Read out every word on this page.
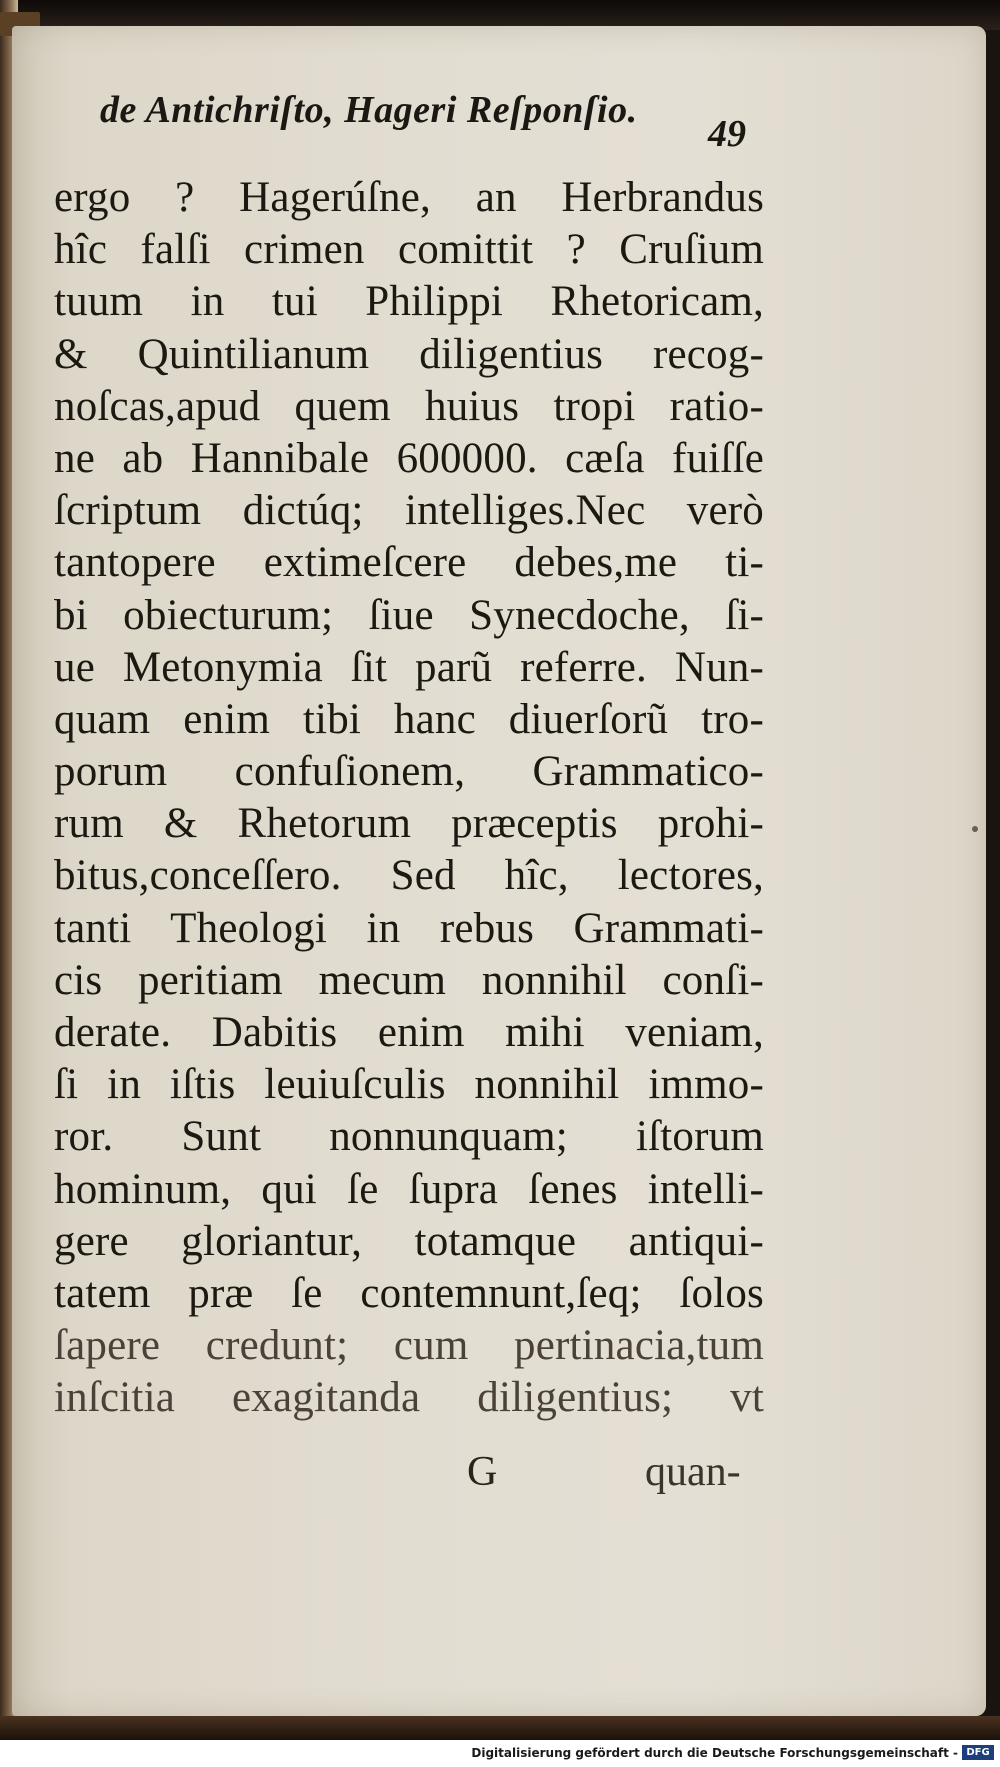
de Antichriſto, Hageri Reſponſio.
49
ergo ? Hagerúſne, an Herbrandus
hîc falſi crimen comittit ? Cruſium
tuum in tui Philippi Rhetoricam,
& Quintilianum diligentius recog-
noſcas,apud quem huius tropi ratio-
ne ab Hannibale 600000. cæſa fuiſſe
ſcriptum dictúq; intelliges.Nec verò
tantopere extimeſcere debes,me ti-
bi obiecturum; ſiue Synecdoche, ſi-
ue Metonymia ſit parũ referre. Nun-
quam enim tibi hanc diuerſorũ tro-
porum confuſionem, Grammatico-
rum & Rhetorum præceptis prohi-
bitus,conceſſero. Sed hîc, lectores,
tanti Theologi in rebus Grammati-
cis peritiam mecum nonnihil conſi-
derate. Dabitis enim mihi veniam,
ſi in iſtis leuiuſculis nonnihil immo-
ror. Sunt nonnunquam; iſtorum
hominum, qui ſe ſupra ſenes intelli-
gere gloriantur, totamque antiqui-
tatem præ ſe contemnunt,ſeq; ſolos
ſapere credunt; cum pertinacia,tum
inſcitia exagitanda diligentius; vt
G	quan-
Digitalisierung gefördert durch die Deutsche Forschungsgemeinschaft - DFG
